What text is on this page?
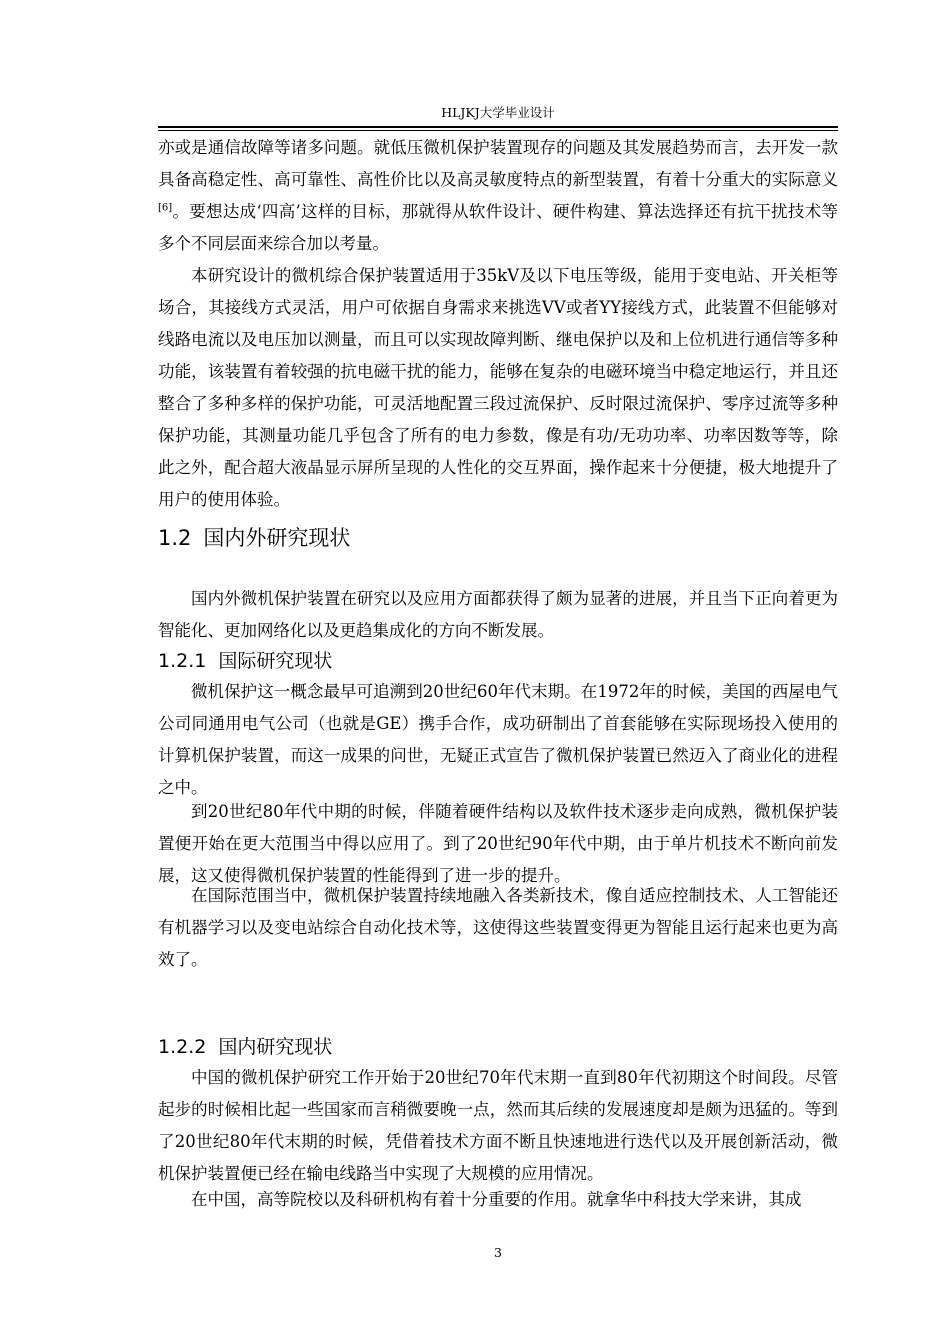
HLJKJ大学毕业设计

亦或是通信故障等诸多问题。就低压微机保护装置现存的问题及其发展趋势而言，去开发一款具备高稳定性、高可靠性、高性价比以及高灵敏度特点的新型装置，有着十分重大的实际意义[6]。要想达成‘四高’这样的目标，那就得从软件设计、硬件构建、算法选择还有抗干扰技术等多个不同层面来综合加以考量。

本研究设计的微机综合保护装置适用于35kV及以下电压等级，能用于变电站、开关柜等场合，其接线方式灵活，用户可依据自身需求来挑选VV或者YY接线方式，此装置不但能够对线路电流以及电压加以测量，而且可以实现故障判断、继电保护以及和上位机进行通信等多种功能，该装置有着较强的抗电磁干扰的能力，能够在复杂的电磁环境当中稳定地运行，并且还整合了多种多样的保护功能，可灵活地配置三段过流保护、反时限过流保护、零序过流等多种保护功能，其测量功能几乎包含了所有的电力参数，像是有功/无功功率、功率因数等等，除此之外，配合超大液晶显示屏所呈现的人性化的交互界面，操作起来十分便捷，极大地提升了用户的使用体验。

1.2 国内外研究现状

国内外微机保护装置在研究以及应用方面都获得了颇为显著的进展，并且当下正向着更为智能化、更加网络化以及更趋集成化的方向不断发展。

1.2.1 国际研究现状

微机保护这一概念最早可追溯到20世纪60年代末期。在1972年的时候，美国的西屋电气公司同通用电气公司（也就是GE）携手合作，成功研制出了首套能够在实际现场投入使用的计算机保护装置，而这一成果的问世，无疑正式宣告了微机保护装置已然迈入了商业化的进程之中。

到20世纪80年代中期的时候，伴随着硬件结构以及软件技术逐步走向成熟，微机保护装置便开始在更大范围当中得以应用了。到了20世纪90年代中期，由于单片机技术不断向前发展，这又使得微机保护装置的性能得到了进一步的提升。

在国际范围当中，微机保护装置持续地融入各类新技术，像自适应控制技术、人工智能还有机器学习以及变电站综合自动化技术等，这使得这些装置变得更为智能且运行起来也更为高效了。

1.2.2 国内研究现状

中国的微机保护研究工作开始于20世纪70年代末期一直到80年代初期这个时间段。尽管起步的时候相比起一些国家而言稍微要晚一点，然而其后续的发展速度却是颇为迅猛的。等到了20世纪80年代末期的时候，凭借着技术方面不断且快速地进行迭代以及开展创新活动，微机保护装置便已经在输电线路当中实现了大规模的应用情况。

在中国，高等院校以及科研机构有着十分重要的作用。就拿华中科技大学来讲，其成

3
